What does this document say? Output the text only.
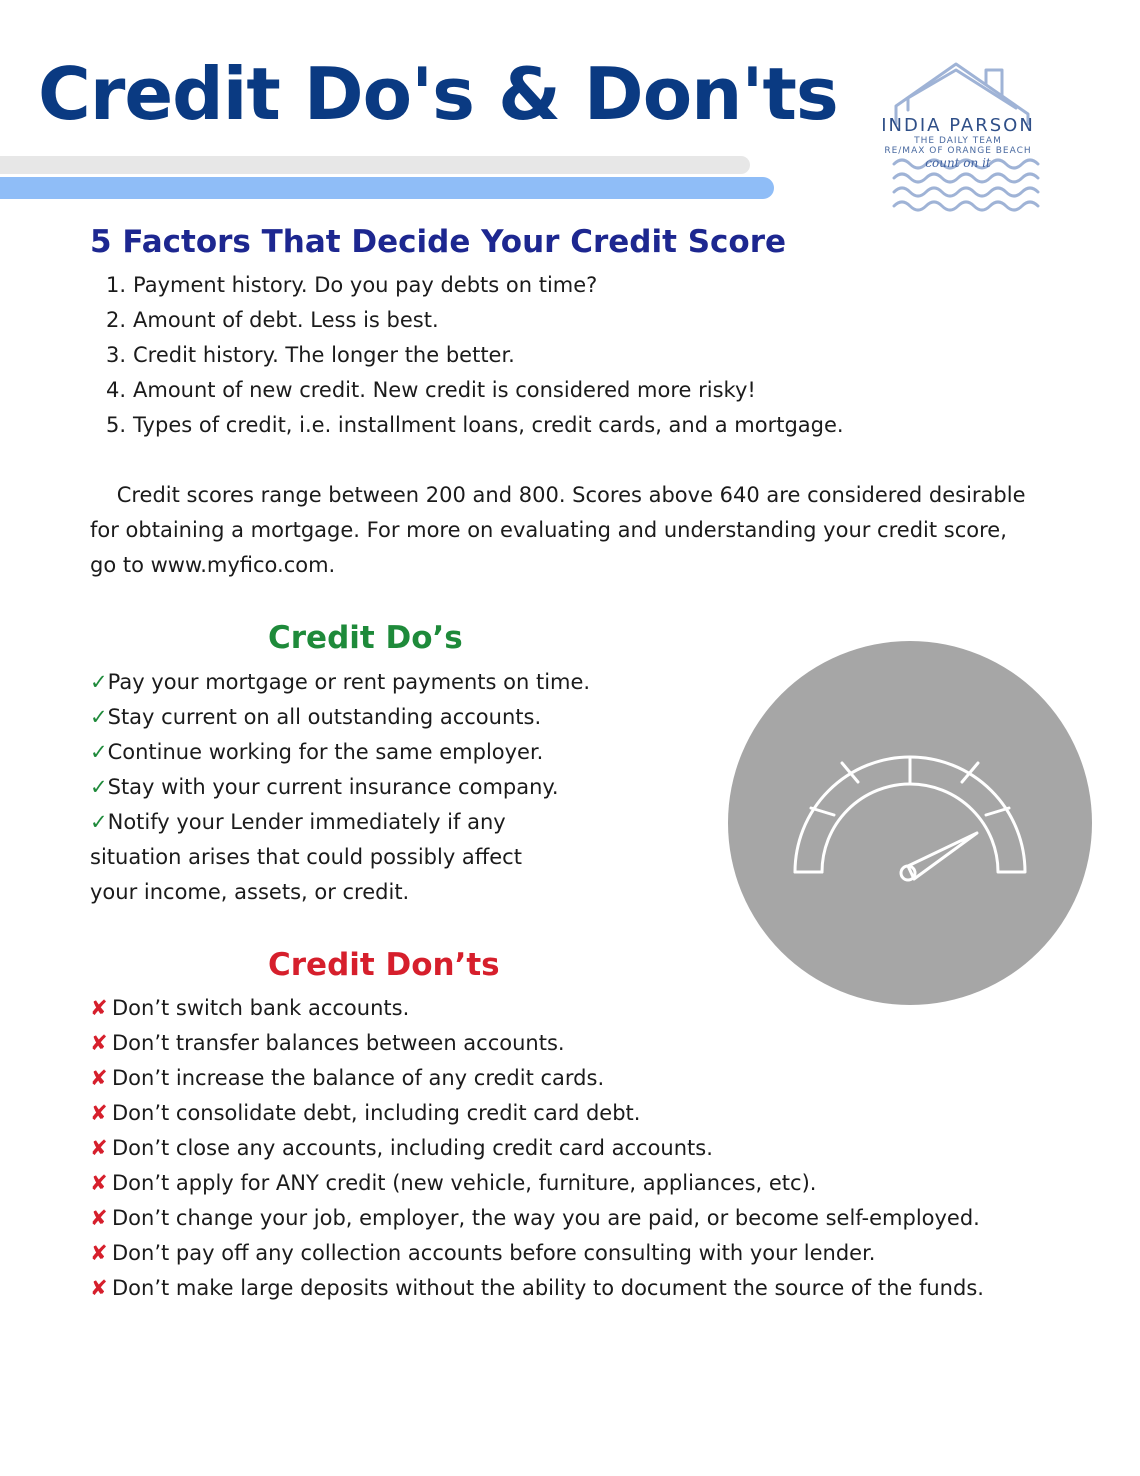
Credit Do's & Don'ts	INDIA PARSON
THE DAILY TEAM
RE/MAX OF ORANGE BEACH
count on it
5 Factors That Decide Your Credit Score
1. Payment history. Do you pay debts on time?
2. Amount of debt. Less is best.
3. Credit history. The longer the better.
4. Amount of new credit. New credit is considered more risky!
5. Types of credit, i.e. installment loans, credit cards, and a mortgage.

Credit scores range between 200 and 800. Scores above 640 are considered desirable

for obtaining a mortgage. For more on evaluating and understanding your credit score,

go to www.myfico.com.

Credit Do’s
✓Pay your mortgage or rent payments on time.
✓Stay current on all outstanding accounts.
✓Continue working for the same employer.
✓Stay with your current insurance company.
✓Notify your Lender immediately if any
situation arises that could possibly affect
your income, assets, or credit.
Credit Don’ts
✘ Don’t switch bank accounts.
✘ Don’t transfer balances between accounts.
✘ Don’t increase the balance of any credit cards.
✘ Don’t consolidate debt, including credit card debt.
✘ Don’t close any accounts, including credit card accounts.
✘ Don’t apply for ANY credit (new vehicle, furniture, appliances, etc).
✘ Don’t change your job, employer, the way you are paid, or become self-employed.
✘ Don’t pay off any collection accounts before consulting with your lender.
✘ Don’t make large deposits without the ability to document the source of the funds.
